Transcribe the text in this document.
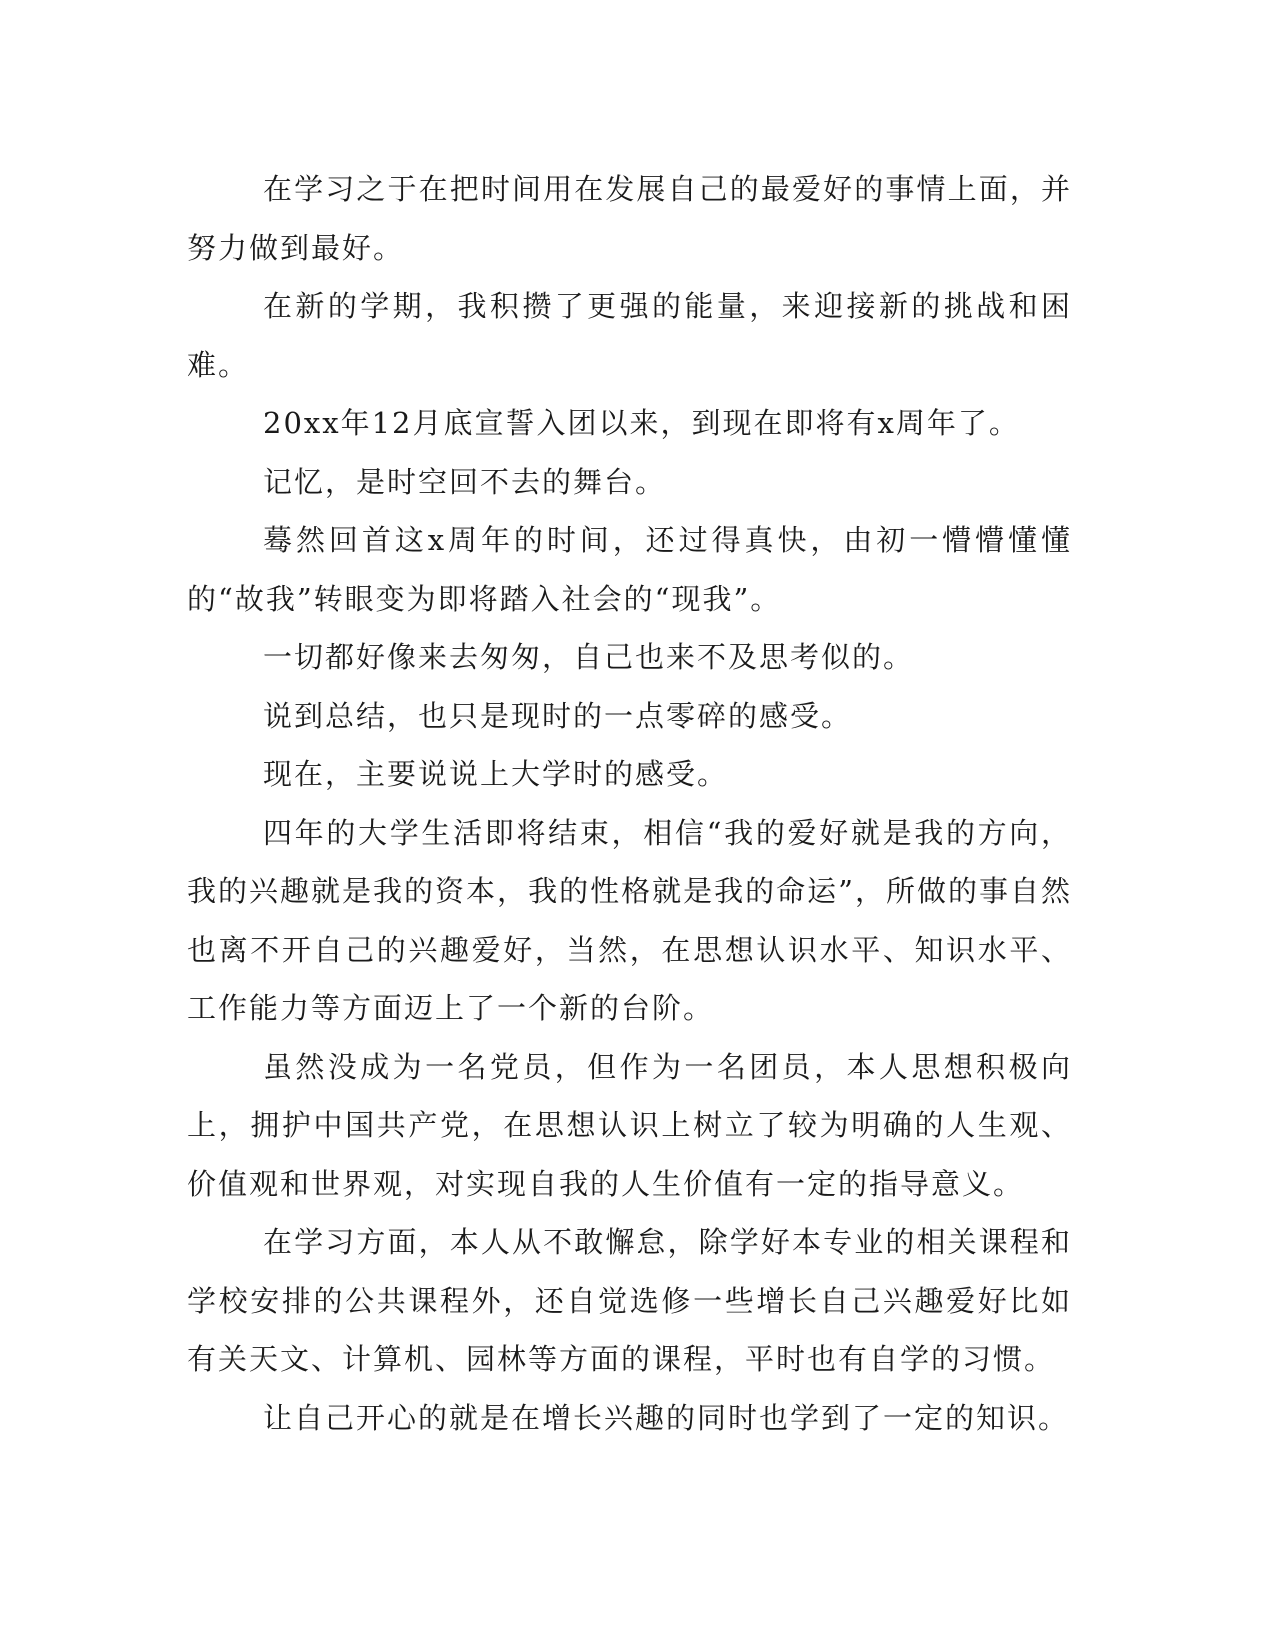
在学习之于在把时间用在发展自己的最爱好的事情上面，并努力做到最好。

在新的学期，我积攒了更强的能量，来迎接新的挑战和困难。

20xx年12月底宣誓入团以来，到现在即将有x周年了。

记忆，是时空回不去的舞台。

蓦然回首这x周年的时间，还过得真快，由初一懵懵懂懂的“故我”转眼变为即将踏入社会的“现我”。

一切都好像来去匆匆，自己也来不及思考似的。

说到总结，也只是现时的一点零碎的感受。

现在，主要说说上大学时的感受。

四年的大学生活即将结束，相信“我的爱好就是我的方向，我的兴趣就是我的资本，我的性格就是我的命运”，所做的事自然也离不开自己的兴趣爱好，当然，在思想认识水平、知识水平、工作能力等方面迈上了一个新的台阶。

虽然没成为一名党员，但作为一名团员，本人思想积极向上，拥护中国共产党，在思想认识上树立了较为明确的人生观、价值观和世界观，对实现自我的人生价值有一定的指导意义。

在学习方面，本人从不敢懈怠，除学好本专业的相关课程和学校安排的公共课程外，还自觉选修一些增长自己兴趣爱好比如有关天文、计算机、园林等方面的课程，平时也有自学的习惯。

让自己开心的就是在增长兴趣的同时也学到了一定的知识。
